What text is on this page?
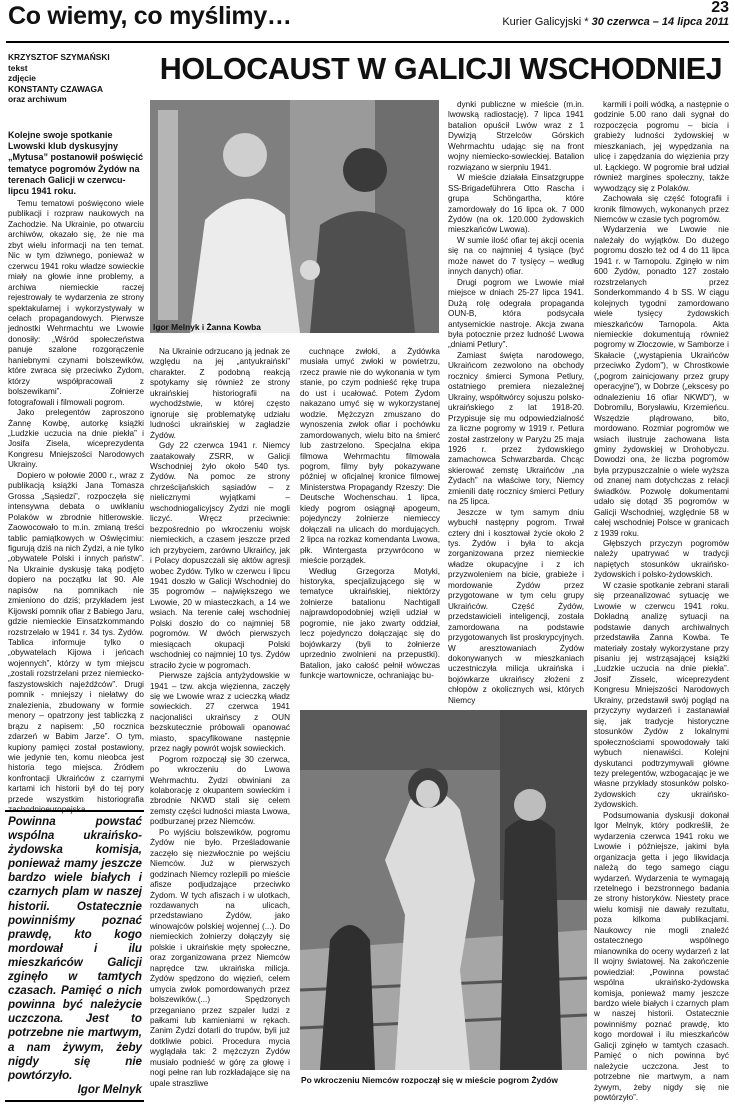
Co wiemy, co myślimy…	23
Kurier Galicyjski * 30 czerwca – 14 lipca 2011
KRZYSZTOF SZYMAŃSKI
tekst
zdjęcie
KONSTANTy CZAWAGA
oraz archiwum
HOLOCAUST W GALICJI WSCHODNIEJ
Kolejne swoje spotkanie Lwowski klub dyskusyjny „Mytusa” postanowił poświęcić tematyce pogromów Żydów na terenach Galicji w czerwcu-lipcu 1941 roku.

Temu tematowi poświęcono wiele publikacji i rozpraw naukowych na Zachodzie. Na Ukrainie, po otwarciu archiwów, okazało się, że nie ma zbyt wielu informacji na ten temat. Nic w tym dziwnego, ponieważ w czerwcu 1941 roku władze sowieckie miały na głowie inne problemy, a archiwa niemieckie raczej rejestrowały te wydarzenia ze strony spektakularnej i wykorzystywały w celach propagandowych. Pierwsze jednostki Wehrmachtu we Lwowie donosiły: „Wśród społeczeństwa panuje szalone rozgorączenie haniebnymi czynami bolszewików, które zwraca się przeciwko Żydom, którzy współpracowali z bolszewikami”. Zołnierze fotografowali i filmowali pogrom.

Jako prelegentów zaproszono Żannę Kowbę, autorkę książki „Ludzkie uczucia na dnie piekła” i Josifa Zisela, wiceprezydenta Kongresu Mniejszości Narodowych Ukrainy.

Dopiero w połowie 2000 r., wraz z publikacją książki Jana Tomasza Grossa „Sąsiedzi”, rozpoczęła się intensywna debata o uwikłaniu Polaków w zbrodnie hitlerowskie. Zaowocowało to m.in. zmianą treści tablic pamiątkowych w Oświęcimiu: figurują dziś na nich Żydzi, a nie tylko „obywatele Polski i innych państw”. Na Ukrainie dyskusję taką podjęto dopiero na początku lat 90. Ale napisów na pomnikach nie zmieniono do dziś; przykładem jest Kijowski pomnik ofiar z Babiego Jaru, gdzie niemieckie Einsatzkommando rozstrzelało w 1941 r. 34 tys. Żydów. Tablica informuje tylko o „obywatelach Kijowa i jeńcach wojennych”, którzy w tym miejscu „zostali rozstrzelani przez niemiecko-faszystowskich najeźdźców”. Drugi pomnik - mniejszy i niełatwy do znalezienia, zbudowany w formie menory – opatrzony jest tabliczką z brązu z napisem: „50 rocznica zdarzeń w Babim Jarze”. O tym, kupiony pamięci został postawiony, wie jedynie ten, komu nieobca jest historia tego miejsca. Źródłem konfrontacji Ukraińców z czarnymi kartami ich historii był do tej pory przede wszystkim historiografia zachodnioeuropejska.

Powinna powstać wspólna ukraińsko-żydowska komisja, ponieważ mamy jeszcze bardzo wiele białych i czarnych plam w naszej historii. Ostatecznie powinniśmy poznać prawdę, kto kogo mordował i ilu mieszkańców Galicji zginęło w tamtych czasach. Pamięć o nich powinna być należycie uczczona. Jest to potrzebne nie martwym, a nam żywym, żeby nigdy się nie powtórzyło.
Igor Melnyk
Igor Melnyk i Żanna Kowba

Na Ukrainie odrzucano ją jednak ze względu na jej „antyukraiński” charakter. Z podobną reakcją spotykamy się również ze strony ukraińskiej historiografii na wychodźstwie, w której często ignoruje się problematykę udziału ludności ukraińskiej w zagładzie Żydów.

Gdy 22 czerwca 1941 r. Niemcy zaatakowały ZSRR, w Galicji Wschodniej żyło około 540 tys. Żydów. Na pomoc ze strony chrześcijańskich sąsiadów – z nielicznymi wyjątkami – wschodniogalicyjscy Żydzi nie mogli liczyć. Wręcz przeciwnie: bezpośrednio po wkroczeniu wojsk niemieckich, a czasem jeszcze przed ich przybyciem, zarówno Ukraińcy, jak i Polacy dopuszczali się aktów agresji wobec Żydów. Tylko w czerwcu i lipcu 1941 doszło w Galicji Wschodniej do 35 pogromów – największego we Lwowie, 20 w miasteczkach, a 14 we wsiach. Na terenie całej wschodniej Polski doszło do co najmniej 58 pogromów. W dwóch pierwszych miesiącach okupacji Polski wschodniej co najmniej 10 tys. Żydów straciło życie w pogromach.

Pierwsze zajścia antyżydowskie w 1941 – tzw. akcja więzienna, zaczęły się we Lwowie wraz z ucieczką władz sowieckich. 27 czerwca 1941 nacjonaliści ukraińscy z OUN bezskutecznie próbowali opanować miasto, spacyfikowane następnie przez nagły powrót wojsk sowieckich.

Pogrom rozpoczął się 30 czerwca, po wkroczeniu do Lwowa Wehrmachtu. Żydzi obwiniani za kolaborację z okupantem sowieckim i zbrodnie NKWD stali się celem zemsty części ludności miasta Lwowa, podburzanej przez Niemców.

Po wyjściu bolszewików, pogromu Żydów nie było. Prześladowanie zaczęło się niezwłocznie po wejściu Niemców. Już w pierwszych godzinach Niemcy rozlepili po mieście afisze podjudzające przeciwko Żydom. W tych afiszach i w ulotkach, rozdawanych na ulicach, przedstawiano Żydów, jako winowajców polskiej wojennej (...). Do niemieckich żołnierzy dołączyły się polskie i ukraińskie męty społeczne, oraz zorganizowana przez Niemców naprędce tzw. ukraińska milicja. Żydów spędzono do więzień, celem umycia zwłok pomordowanych przez bolszewików.(...) Spędzonych przeganiano przez szpaler ludzi z pałkami lub kamieniami w rękach. Zanim Żydzi dotarli do trupów, byli już dotkliwie pobici. Procedura mycia wyglądała tak: 2 mężczyzn Żydów musiało podnieść w górę za głowę i nogi pełne ran lub rozkładające się na upale straszliwe

cuchnące zwłoki, a Żydówka musiała umyć zwłoki w powietrzu, rzecz prawie nie do wykonania w tym stanie, po czym podnieść rękę trupa do ust i ucałować. Potem Żydom nakazano umyć się w wykorzystanej wodzie. Mężczyzn zmuszano do wynoszenia zwłok ofiar i pochówku zamordowanych, wielu bito na śmierć lub zastrzelono. Specjalna ekipa filmowa Wehrmachtu filmowała pogrom, filmy były pokazywane później w oficjalnej kronice filmowej Ministerstwa Propagandy Rzeszy: Die Deutsche Wochenschau. 1 lipca, kiedy pogrom osiągnął apogeum, pojedynczy żołnierze niemieccy dołączali na ulicach do mordujących. 2 lipca na rozkaz komendanta Lwowa, płk. Wintergasta przywrócono w mieście porządek.

Według Grzegorza Motyki, historyka, specjalizującego się w tematyce ukraińskiej, niektórzy żołnierze batalionu Nachtigall najprawdopodobniej wzięli udział w pogromie, nie jako zwarty oddział, lecz pojedynczo dołączając się do bojówkarzy (byli to żołnierze uprzednio zwolnieni na przepustki). Batalion, jako całość pełnił wówczas funkcje wartownicze, ochraniając bu-

dynki publiczne w mieście (m.in. lwowską radiostację). 7 lipca 1941 batalion opuścił Lwów wraz z 1 Dywizją Strzelców Górskich Wehrmachtu udając się na front wojny niemiecko-sowieckiej. Batalion rozwiązano w sierpniu 1941.

W mieście działała Einsatzgruppe SS-Brigadeführera Otto Rascha i grupa Schöngartha, które zamordowały do 16 lipca ok. 7 000 Żydów (na ok. 120.000 żydowskich mieszkańców Lwowa).

W sumie ilość ofiar tej akcji ocenia się na co najmniej 4 tysiące (być może nawet do 7 tysięcy – według innych danych) ofiar.

Drugi pogrom we Lwowie miał miejsce w dniach 25-27 lipca 1941. Dużą rolę odegrała propaganda OUN-B, która podsycała antysemickie nastroje. Akcja zwana była potocznie przez ludność Lwowa „dniami Petlury”.

Zamiast święta narodowego, Ukraińcom zezwolono na obchody rocznicy śmierci Symona Petlury, ostatniego premiera niezależnej Ukrainy, współtwórcy sojuszu polsko-ukraińskiego z lat 1918-20. Przypisuje się mu odpowiedzialność za liczne pogromy w 1919 r. Petlura został zastrzelony w Paryżu 25 maja 1926 r. przez żydowskiego zamachowca Schwarzbarda. Chcąc skierować zemstę Ukraińców „na Żydach” na właściwe tory, Niemcy zmienili datę rocznicy śmierci Petlury na 25 lipca.

Jeszcze w tym samym dniu wybuchł następny pogrom. Trwał cztery dni i kosztował życie około 2 tys. Żydów i była to akcja zorganizowana przez niemieckie władze okupacyjne i z ich przyzwoleniem na bicie, grabieże i mordowanie Żydów przez przygotowane w tym celu grupy Ukraińców. Część Żydów, przedstawicieli inteligencji, została zamordowana na podstawie przygotowanych list proskrypcyjnych. W aresztowaniach Żydów dokonywanych w mieszkaniach uczestniczyła milicja ukraińska i bojówkarze ukraińscy złożeni z chłopów z okolicznych wsi, których Niemcy

Po wkroczeniu Niemców rozpoczął się w mieście pogrom Żydów

karmili i poili wódką, a następnie o godzinie 5.00 rano dali sygnał do rozpoczęcia pogromu – bicia i grabieży ludności żydowskiej w mieszkaniach, jej wypędzania na ulicę i zapędzania do więzienia przy ul. Łąckiego. W pogromie brał udział również margines społeczny, także wywodzący się z Polaków.

Zachowała się część fotografii i kronik filmowych, wykonanych przez Niemców w czasie tych pogromów.

Wydarzenia we Lwowie nie należały do wyjątków. Do dużego pogromu doszło też od 4 do 11 lipca 1941 r. w Tarnopolu. Zginęło w nim 600 Żydów, ponadto 127 zostało rozstrzelanych przez Sonderkommando 4 b SS. W ciągu kolejnych tygodni zamordowano wiele tysięcy żydowskich mieszkańców Tarnopola. Akta niemieckie dokumentują również pogromy w Złoczowie, w Samborze i Skałacie („wystąpienia Ukraińców przeciwko Żydom”), w Chrostkowie („pogrom zainicjowany przez grupy operacyjne”), w Dobrze („ekscesy po odnalezieniu 16 ofiar NKWD”), w Dobromilu, Borysławiu, Krzemieńcu. Wszędzie plądrowano, bito, mordowano. Rozmiar pogromów we wsiach ilustruje zachowana lista gminy żydowskiej w Drohobyczu. Dowodzi ona, że liczba pogromów była przypuszczalnie o wiele wyższa od znanej nam dotychczas z relacji świadków. Pozwolę dokumentami udało się dotąd 35 pogromów w Galicji Wschodniej, względnie 58 w całej wschodniej Polsce w granicach z 1939 roku.

Głębszych przyczyn pogromów należy upatrywać w tradycji napiętych stosunków ukraińsko-żydowskich i polsko-żydowskich.

W czasie spotkanie zebrani starali się przeanalizować sytuację we Lwowie w czerwcu 1941 roku. Dokładną analizę sytuacji na podstawie danych archiwalnych przedstawiła Żanna Kowba. Te materiały zostały wykorzystane przy pisaniu jej wstrząsającej książki „Ludzkie uczucia na dnie piekła”. Josif Zisselc, wiceprezydent Kongresu Mniejszości Narodowych Ukrainy, przedstawił swój pogląd na przyczyny wydarzeń i zastanawiał się, jak tradycje historyczne stosunków Żydów z lokalnymi społecznościami spowodowały taki wybuch nienawiści. Kolejni dyskutanci podtrzymywali główne tezy prelegentów, wzbogacając je we własne przykłady stosunków polsko-żydowskich czy ukraińsko-żydowskich.

Podsumowania dyskusji dokonał Igor Melnyk, który podkreślił, że wydarzenia czerwca 1941 roku we Lwowie i późniejsze, jakimi była organizacja getta i jego likwidacja należą do tego samego ciągu wydarzeń. Wydarzenia te wymagają rzetelnego i bezstronnego badania ze strony historyków. Niestety prace wielu komisji nie dawały rezultatu, poza kilkoma publikacjami. Naukowcy nie mogli znaleźć ostatecznego wspólnego mianownika do oceny wydarzeń z lat II wojny światowej. Na zakończenie powiedział: „Powinna powstać wspólna ukraińsko-żydowska komisja, ponieważ mamy jeszcze bardzo wiele białych i czarnych plam w naszej historii. Ostatecznie powinniśmy poznać prawdę, kto kogo mordował i ilu mieszkańców Galicji zginęło w tamtych czasach. Pamięć o nich powinna być należycie uczczona. Jest to potrzebne nie martwym, a nam żywym, żeby nigdy się nie powtórzyło”.
